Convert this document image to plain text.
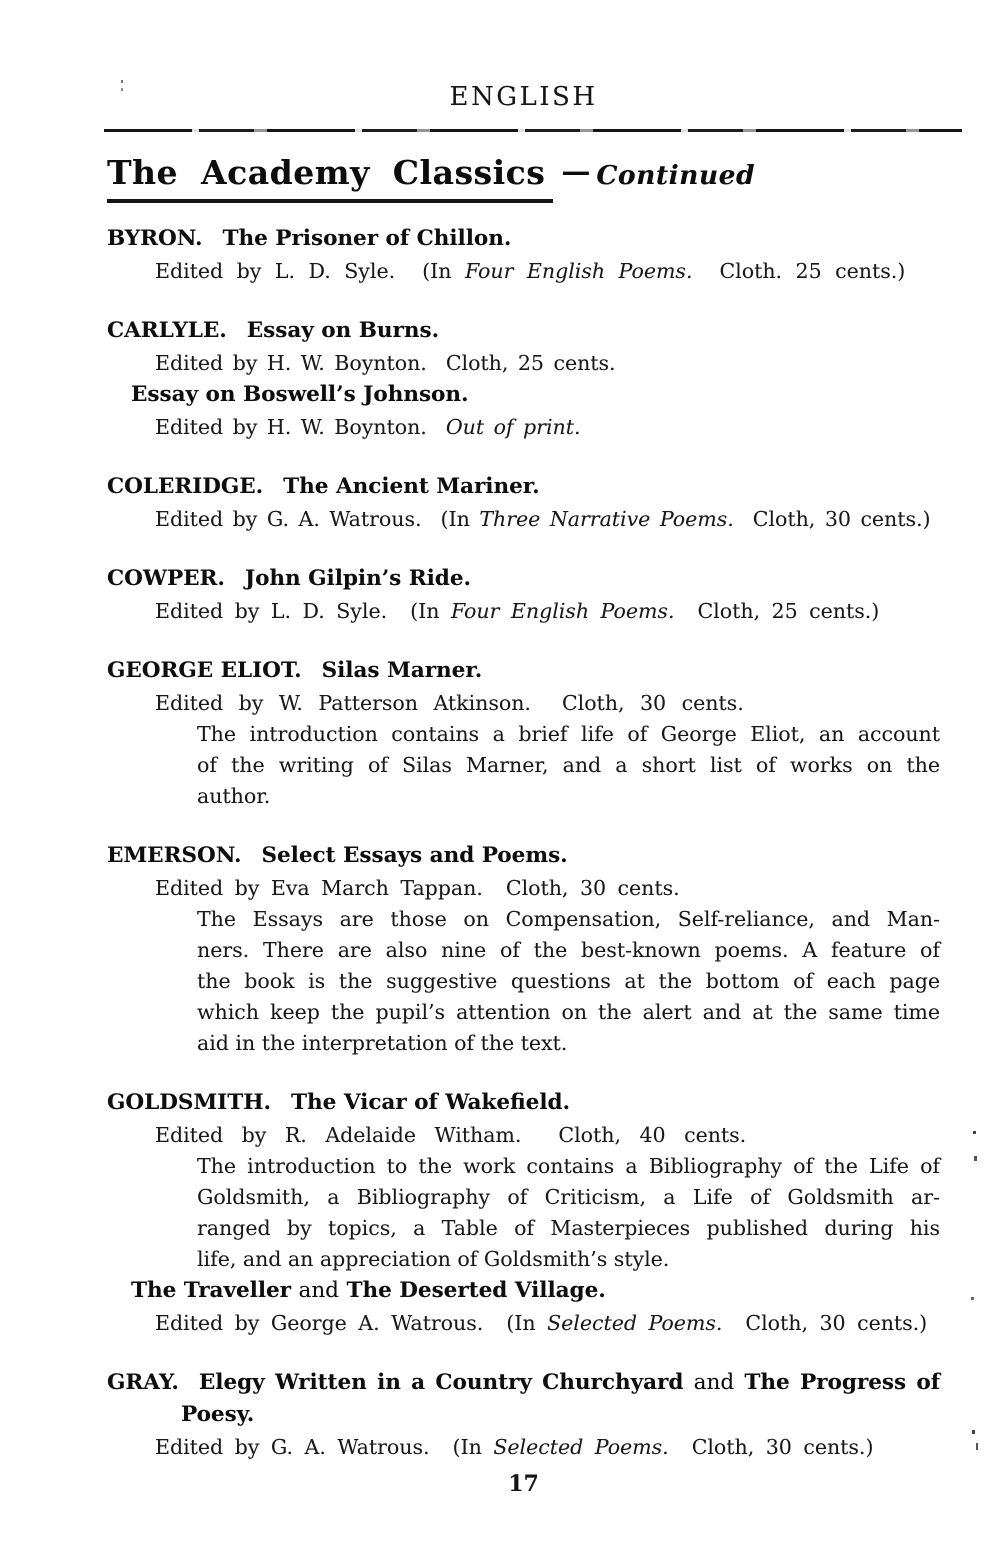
ENGLISH
The Academy Classics — Continued
BYRON. The Prisoner of Chillon.
Edited by L. D. Syle.  (In Four English Poems.  Cloth. 25 cents.)
CARLYLE. Essay on Burns.
Edited by H. W. Boynton.  Cloth, 25 cents.
Essay on Boswell’s Johnson.
Edited by H. W. Boynton.  Out of print.
COLERIDGE. The Ancient Mariner.
Edited by G. A. Watrous.  (In Three Narrative Poems.  Cloth, 30 cents.)
COWPER. John Gilpin’s Ride.
Edited by L. D. Syle.  (In Four English Poems.  Cloth, 25 cents.)
GEORGE ELIOT. Silas Marner.
Edited by W. Patterson Atkinson.  Cloth, 30 cents.
The introduction contains a brief life of George Eliot, an account
of the writing of Silas Marner, and a short list of works on the
author.
EMERSON. Select Essays and Poems.
Edited by Eva March Tappan.  Cloth, 30 cents.
The Essays are those on Compensation, Self-reliance, and Man-
ners. There are also nine of the best-known poems. A feature of
the book is the suggestive questions at the bottom of each page
which keep the pupil’s attention on the alert and at the same time
aid in the interpretation of the text.
GOLDSMITH. The Vicar of Wakefield.
Edited by R. Adelaide Witham.  Cloth, 40 cents.
The introduction to the work contains a Bibliography of the Life of
Goldsmith, a Bibliography of Criticism, a Life of Goldsmith ar-
ranged by topics, a Table of Masterpieces published during his
life, and an appreciation of Goldsmith’s style.
The Traveller and The Deserted Village.
Edited by George A. Watrous.  (In Selected Poems.  Cloth, 30 cents.)
GRAY. Elegy Written in a Country Churchyard and The Progress of
Poesy.
Edited by G. A. Watrous.  (In Selected Poems.  Cloth, 30 cents.)
17
